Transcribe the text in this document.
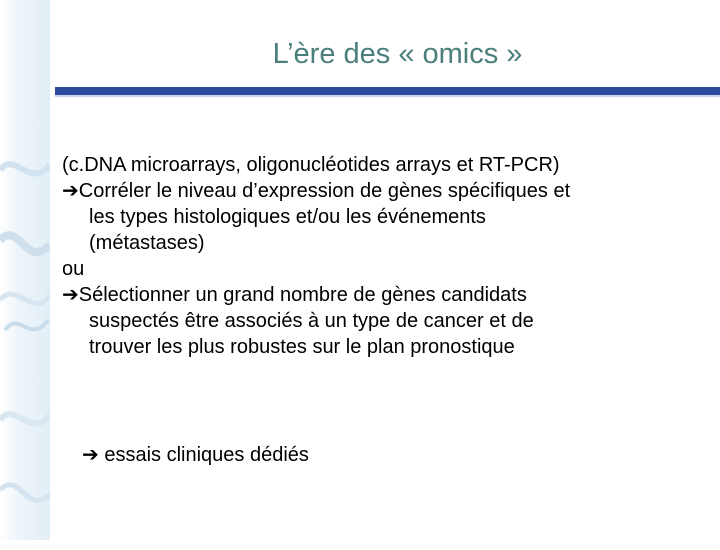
L’ère des « omics »

(c.DNA microarrays, oligonucléotides arrays et RT-PCR)

➔Corréler le niveau d’expression de gènes spécifiques et

les types histologiques et/ou les événements

(métastases)

ou

➔Sélectionner un grand nombre de gènes candidats

suspectés être associés à un type de cancer et de

trouver les plus robustes sur le plan pronostique

➔ essais cliniques dédiés
